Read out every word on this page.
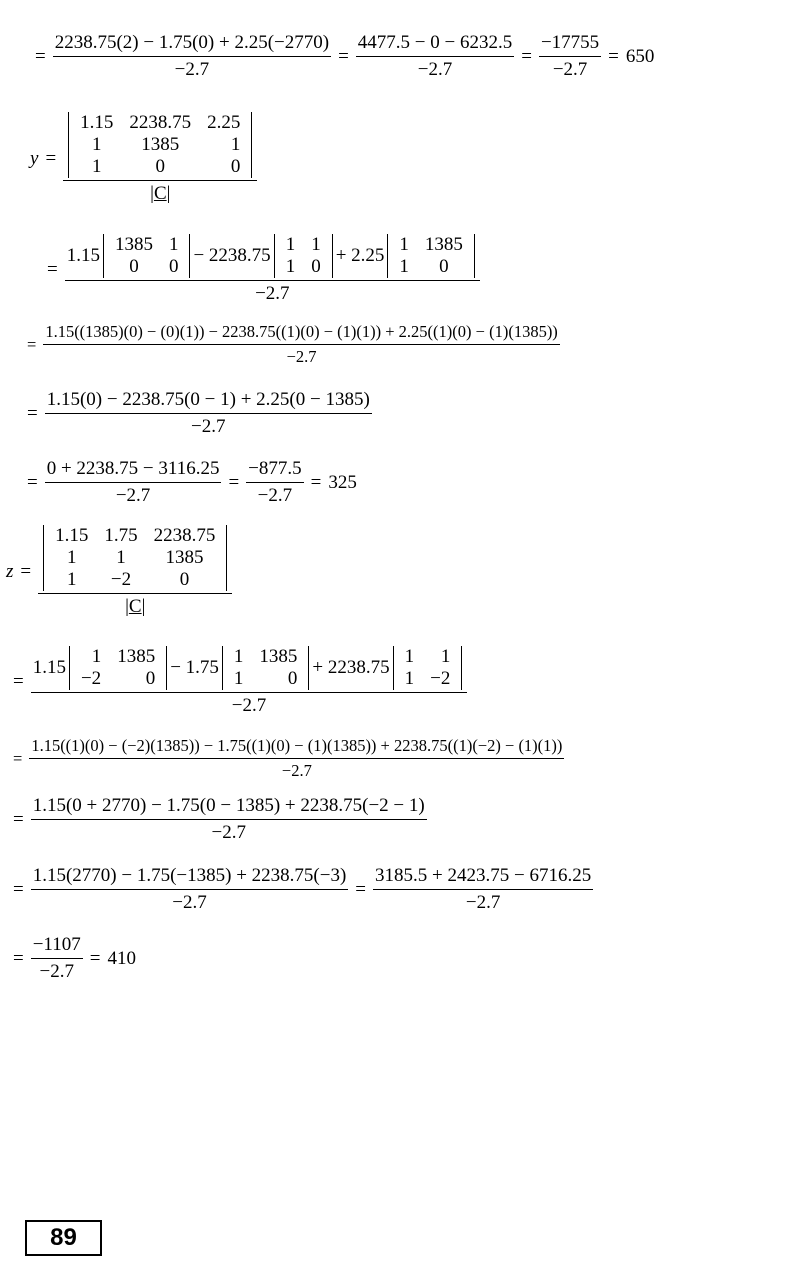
= $\frac{2238.75(2) - 1.75(0) + 2.25(-2770)}{-2.7} = \frac{4477.5 - 0 - 6232.5}{-2.7} = \frac{-17755}{-2.7} = 650$
y =
1.15 2238.75 2.25
1	1385	1
1	0	0
|C|
=
1.15
1385 1
0	0
− 2238.75
1 1
1 0
+ 2.25
1 1385
1	0
−2.7
=
1.15((1385)(0) − (0)(1)) − 2238.75((1)(0) − (1)(1)) + 2.25((1)(0) − (1)(1385))
−2.7
= $\frac{1.15(0) - 2238.75(0 - 1) + 2.25(0 - 1385)}{-2.7}$
= $\frac{0 + 2238.75 - 3116.25}{-2.7} = \frac{-877.5}{-2.7} = 325$
z =
1.15 1.75 2238.75
1	1	1385
1	−2	0
|C|
=
1.15
1 1385
−2	0
− 1.75
1 1385
1	0
+ 2238.75
1	1
1 −2
−2.7
=
1.15((1)(0) − (−2)(1385)) − 1.75((1)(0) − (1)(1385)) + 2238.75((1)(−2) − (1)(1))
−2.7
= $\frac{1.15(0 + 2770) - 1.75(0 - 1385) + 2238.75(-2 - 1)}{-2.7}$
= $\frac{1.15(2770) - 1.75(-1385) + 2238.75(-3)}{-2.7} = \frac{3185.5 + 2423.75 - 6716.25}{-2.7}$
= $\frac{-1107}{-2.7} = 410$
89
